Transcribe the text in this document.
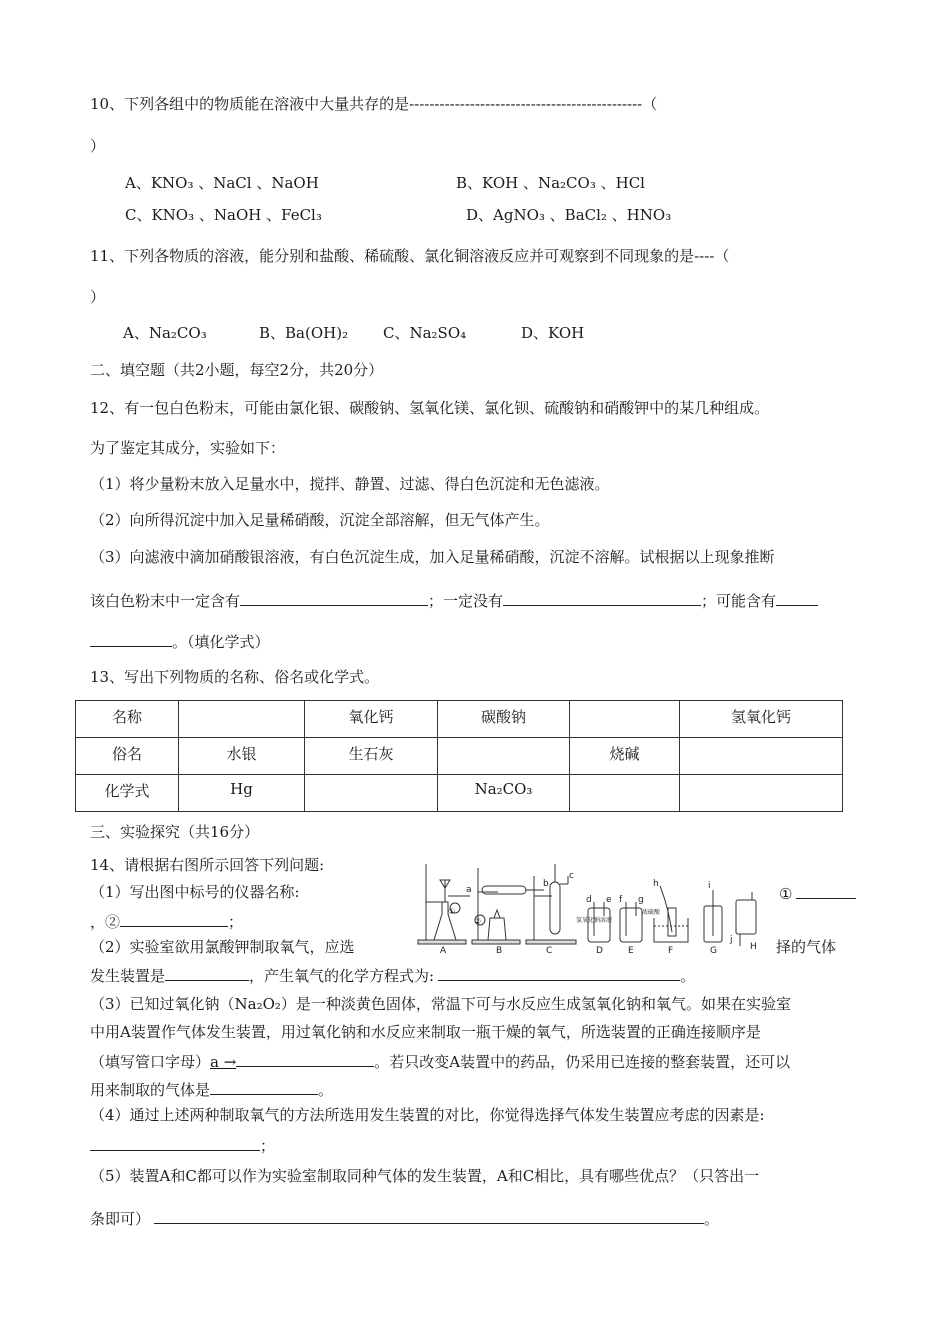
10、下列各组中的物质能在溶液中大量共存的是----------------------------------------------（
）
A、KNO₃ 、NaCl 、NaOH	B、KOH 、Na₂CO₃ 、HCl
C、KNO₃ 、NaOH 、FeCl₃	D、AgNO₃ 、BaCl₂ 、HNO₃
11、下列各物质的溶液，能分别和盐酸、稀硫酸、氯化铜溶液反应并可观察到不同现象的是----（
）
A、Na₂CO₃	B、Ba(OH)₂ C、Na₂SO₄	D、KOH
二、填空题（共2小题，每空2分，共20分）
12、有一包白色粉末，可能由氯化银、碳酸钠、氢氧化镁、氯化钡、硫酸钠和硝酸钾中的某几种组成。
为了鉴定其成分，实验如下：
（1）将少量粉末放入足量水中，搅拌、静置、过滤、得白色沉淀和无色滤液。
（2）向所得沉淀中加入足量稀硝酸，沉淀全部溶解，但无气体产生。
（3）向滤液中滴加硝酸银溶液，有白色沉淀生成，加入足量稀硝酸，沉淀不溶解。试根据以上现象推断
该白色粉末中一定含有	；一定没有	；可能含有
。（填化学式）
13、写出下列物质的名称、俗名或化学式。
名称		氧化钙	碳酸钠		氢氧化钙
俗名	水银	生石灰		烧碱	
化学式	Hg		Na₂CO₃		
三、实验探究（共16分）
14、请根据右图所示回答下列问题:
（1）写出图中标号的仪器名称:	①
，②	；
（2）实验室欲用氯酸钾制取氧气，应选	择的气体
发生装置是	，产生氧气的化学方程式为:	。
（3）已知过氧化钠（Na₂O₂）是一种淡黄色固体，常温下可与水反应生成氢氧化钠和氧气。如果在实验室
中用A装置作气体发生装置，用过氧化钠和水反应来制取一瓶干燥的氧气，所选装置的正确连接顺序是
（填写管口字母）a →	。若只改变A装置中的药品，仍采用已连接的整套装置，还可以
用来制取的气体是	。
（4）通过上述两种制取氧气的方法所选用发生装置的对比，你觉得选择气体发生装置应考虑的因素是:
；
（5）装置A和C都可以作为实验室制取同种气体的发生装置，A和C相比，具有哪些优点？（只答出一
条即可）	。
A	B	C	D	E	F	G	H
a
b
c
d e f g
h	i
j
①
②	氢氧化钠溶液
浓硫酸
